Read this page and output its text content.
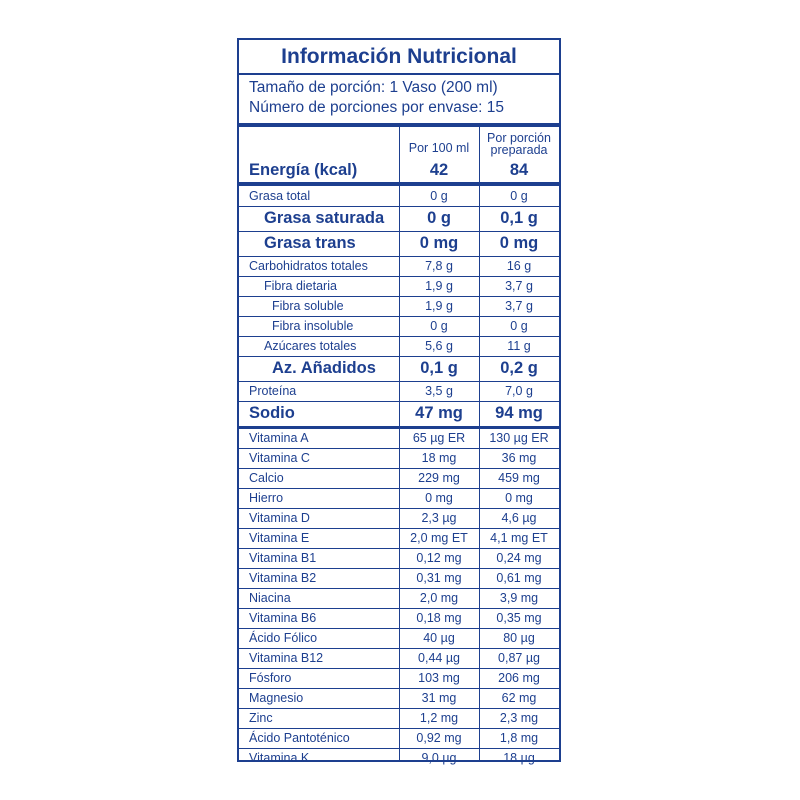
Información Nutricional
Tamaño de porción: 1 Vaso (200 ml)
Número de porciones por envase: 15
Por 100 ml
Por porción
preparada
Energía (kcal)	42	84
Grasa total	0 g	0 g
Grasa saturada	0 g	0,1 g
Grasa trans	0 mg	0 mg
Carbohidratos totales	7,8 g	16 g
Fibra dietaria	1,9 g	3,7 g
Fibra soluble	1,9 g	3,7 g
Fibra insoluble	0 g	0 g
Azúcares totales	5,6 g	11 g
Az. Añadidos	0,1 g	0,2 g
Proteína	3,5 g	7,0 g
Sodio	47 mg	94 mg
Vitamina A	65 µg ER	130 µg ER
Vitamina C	18 mg	36 mg
Calcio	229 mg	459 mg
Hierro	0 mg	0 mg
Vitamina D	2,3 µg	4,6 µg
Vitamina E	2,0 mg ET	4,1 mg ET
Vitamina B1	0,12 mg	0,24 mg
Vitamina B2	0,31 mg	0,61 mg
Niacina	2,0 mg	3,9 mg
Vitamina B6	0,18 mg	0,35 mg
Ácido Fólico	40 µg	80 µg
Vitamina B12	0,44 µg	0,87 µg
Fósforo	103 mg	206 mg
Magnesio	31 mg	62 mg
Zinc	1,2 mg	2,3 mg
Ácido Pantoténico	0,92 mg	1,8 mg
Vitamina K	9,0 µg	18 µg
